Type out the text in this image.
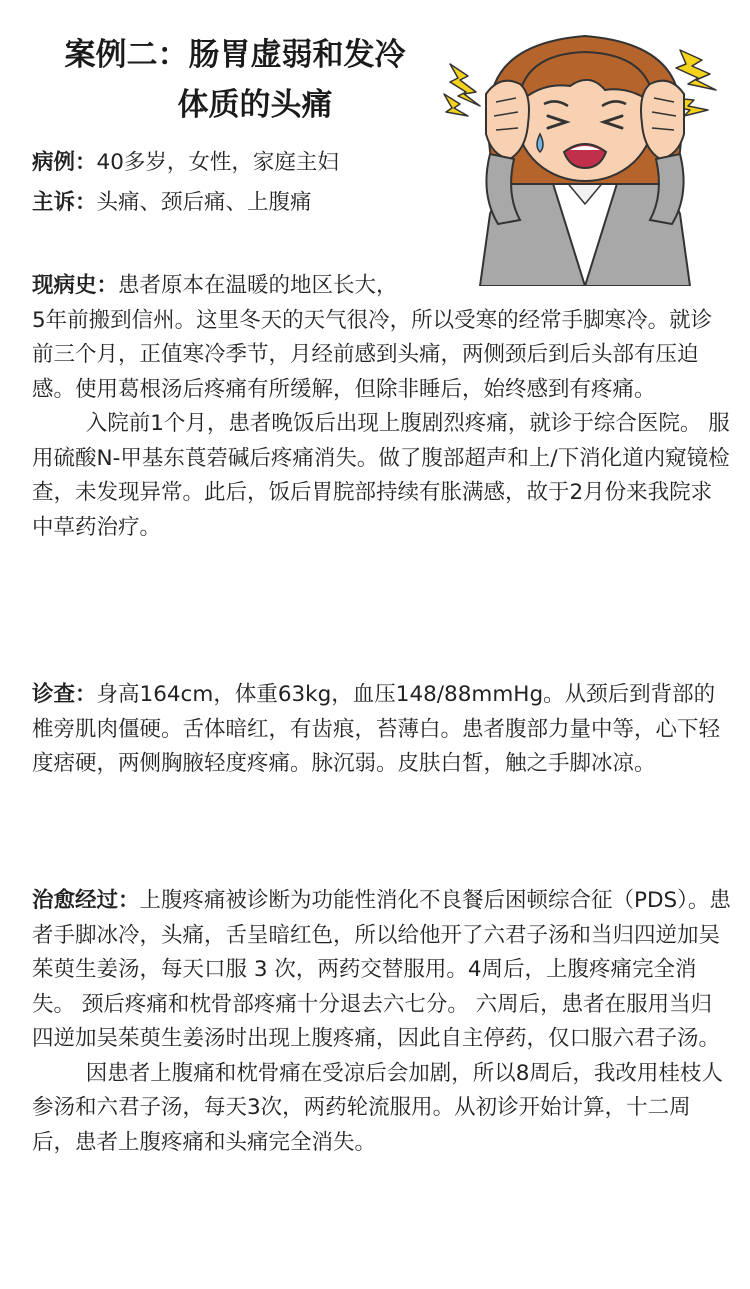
案例二：肠胃虚弱和发冷
体质的头痛
病例：40多岁，女性，家庭主妇
主诉：头痛、颈后痛、上腹痛
现病史：患者原本在温暖的地区长大，
5年前搬到信州。这里冬天的天气很冷，所以受寒的经常手脚寒冷。就诊前三个月，正值寒冷季节，月经前感到头痛，两侧颈后到后头部有压迫感。使用葛根汤后疼痛有所缓解，但除非睡后，始终感到有疼痛。
入院前1个月，患者晚饭后出现上腹剧烈疼痛，就诊于综合医院。 服用硫酸N-甲基东莨菪碱后疼痛消失。做了腹部超声和上/下消化道内窥镜检查，未发现异常。此后，饭后胃脘部持续有胀满感，故于2月份来我院求中草药治疗。
诊查：身高164cm，体重63kg，血压148/88mmHg。从颈后到背部的椎旁肌肉僵硬。舌体暗红，有齿痕，苔薄白。患者腹部力量中等，心下轻度痞硬，两侧胸腋轻度疼痛。脉沉弱。皮肤白皙，触之手脚冰凉。
治愈经过：上腹疼痛被诊断为功能性消化不良餐后困顿综合征（PDS）。患者手脚冰冷，头痛，舌呈暗红色，所以给他开了六君子汤和当归四逆加吴茱萸生姜汤，每天口服 3 次，两药交替服用。4周后，上腹疼痛完全消失。 颈后疼痛和枕骨部疼痛十分退去六七分。 六周后，患者在服用当归四逆加吴茱萸生姜汤时出现上腹疼痛，因此自主停药，仅口服六君子汤。
因患者上腹痛和枕骨痛在受凉后会加剧，所以8周后，我改用桂枝人参汤和六君子汤，每天3次，两药轮流服用。从初诊开始计算，十二周后，患者上腹疼痛和头痛完全消失。
